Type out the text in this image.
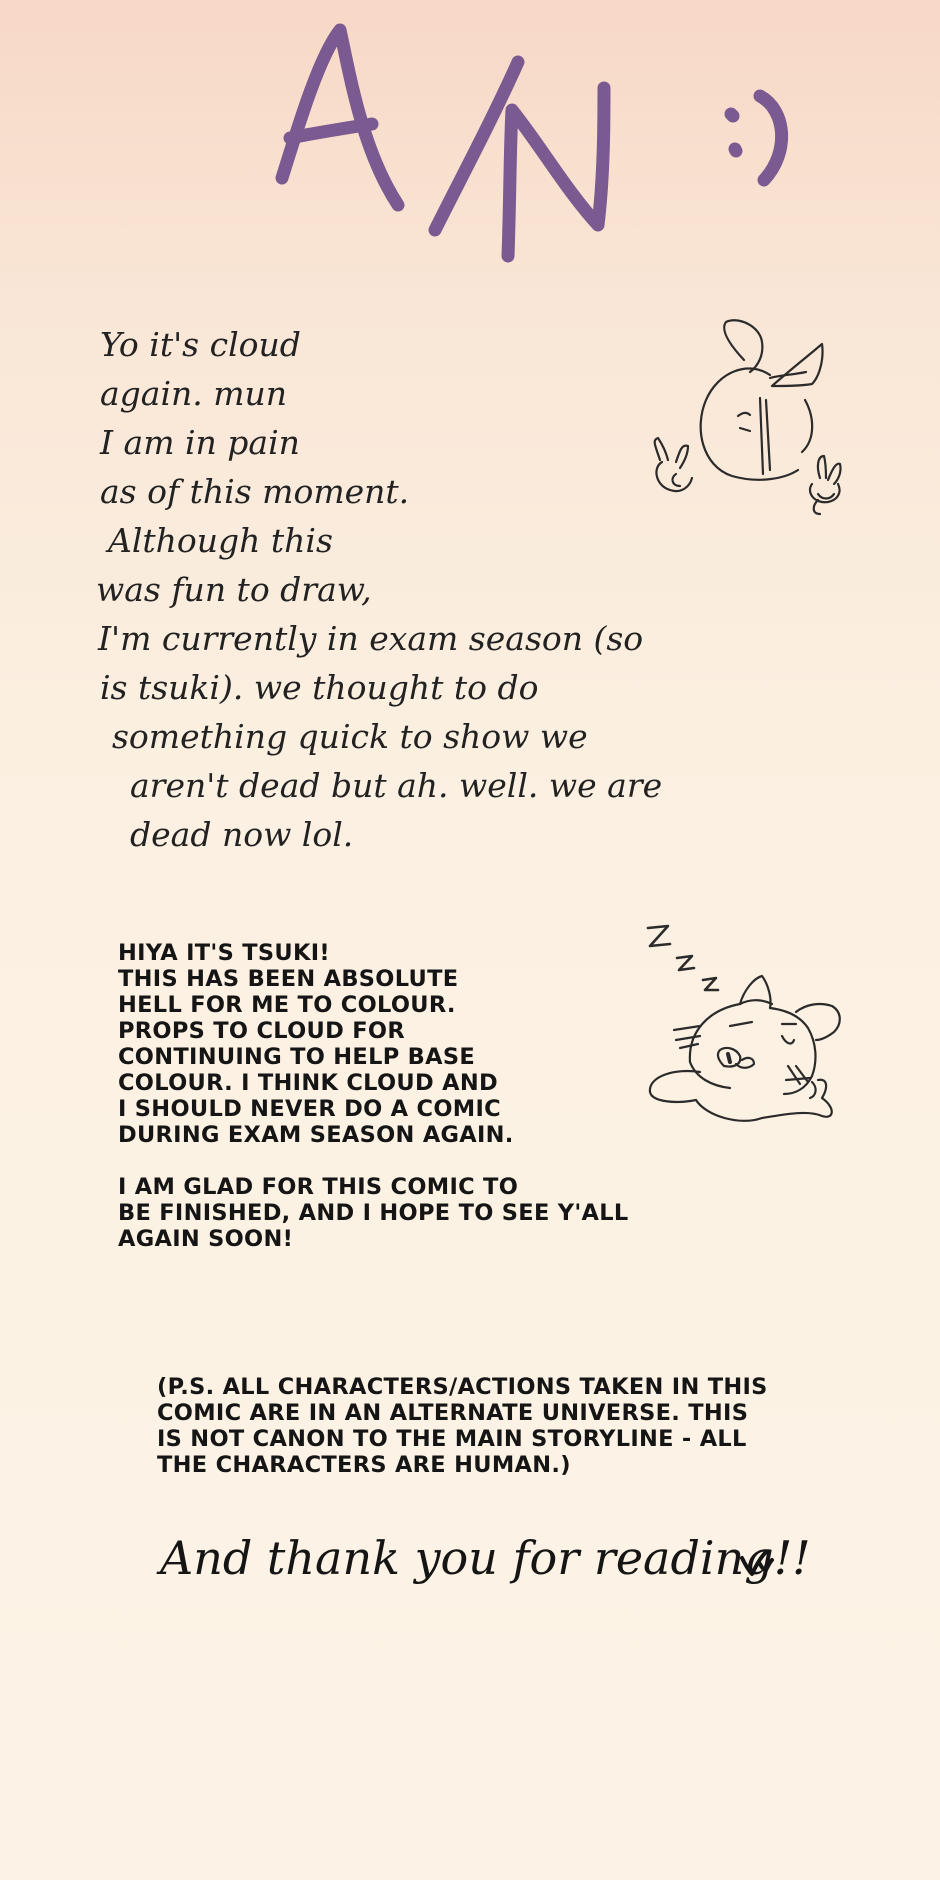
Yo it's cloud
again. mun
I am in pain
as of this moment.
Although this
was fun to draw,
I'm currently in exam season (so
is tsuki). we thought to do
something quick to show we
aren't dead but ah. well. we are
dead now lol.
HIYA IT'S TSUKI!
THIS HAS BEEN ABSOLUTE
HELL FOR ME TO COLOUR.
PROPS TO CLOUD FOR
CONTINUING TO HELP BASE
COLOUR. I THINK CLOUD AND
I SHOULD NEVER DO A COMIC
DURING EXAM SEASON AGAIN.
I AM GLAD FOR THIS COMIC TO
BE FINISHED, AND I HOPE TO SEE Y'ALL
AGAIN SOON!
(P.S. ALL CHARACTERS/ACTIONS TAKEN IN THIS
COMIC ARE IN AN ALTERNATE UNIVERSE. THIS
IS NOT CANON TO THE MAIN STORYLINE - ALL
THE CHARACTERS ARE HUMAN.)
And thank you for reading!!
